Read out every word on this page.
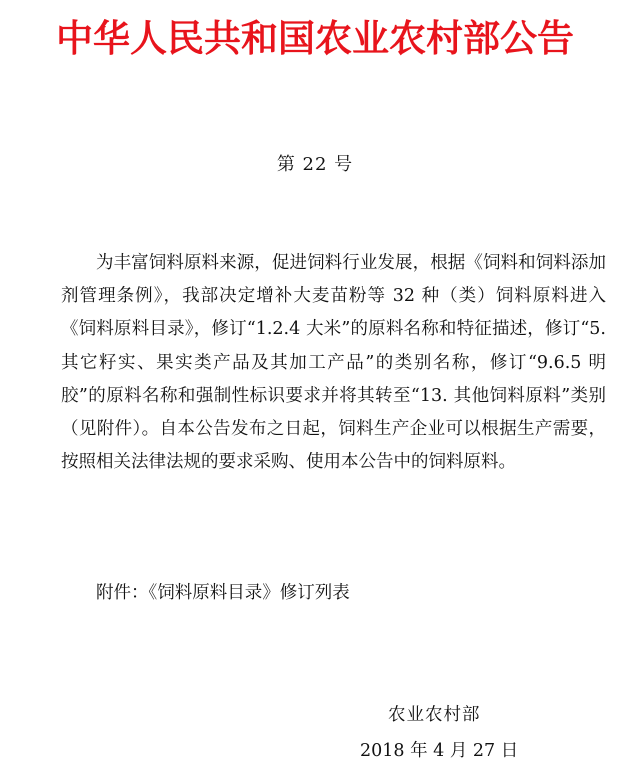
中华人民共和国农业农村部公告
第 22 号

为丰富饲料原料来源，促进饲料行业发展，根据《饲料和饲料添加剂管理条例》，我部决定增补大麦苗粉等 32 种（类）饲料原料进入《饲料原料目录》，修订“1.2.4 大米”的原料名称和特征描述，修订“5. 其它籽实、果实类产品及其加工产品”的类别名称，修订“9.6.5 明胶”的原料名称和强制性标识要求并将其转至“13. 其他饲料原料”类别（见附件）。自本公告发布之日起，饲料生产企业可以根据生产需要，按照相关法律法规的要求采购、使用本公告中的饲料原料。

附件：《饲料原料目录》修订列表

农业农村部
2018 年 4 月 27 日
